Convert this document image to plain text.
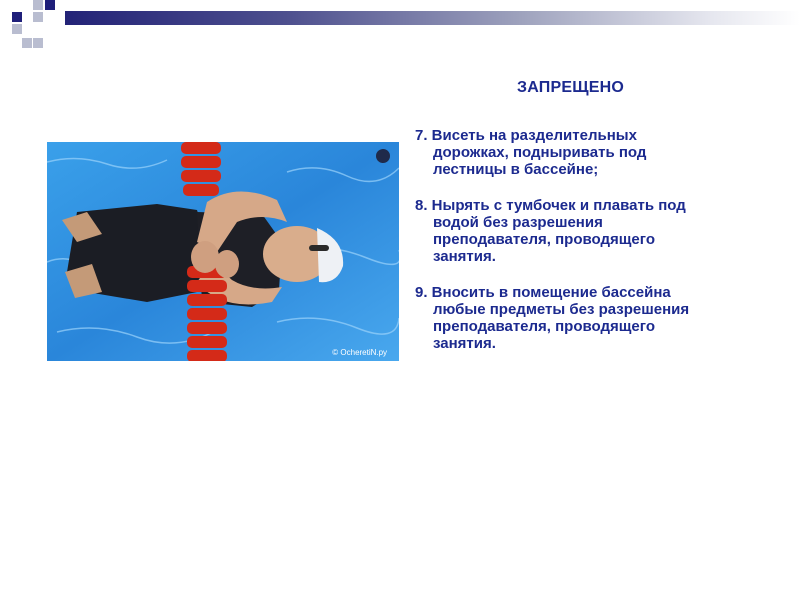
© OcheretiN.ру
ЗАПРЕЩЕНО
7. Висеть на разделительных
дорожках, подныривать под
лестницы в бассейне;
8. Нырять с тумбочек и плавать под
водой без разрешения
преподавателя, проводящего
занятия.
9. Вносить в помещение бассейна
любые предметы без разрешения
преподавателя, проводящего
занятия.
